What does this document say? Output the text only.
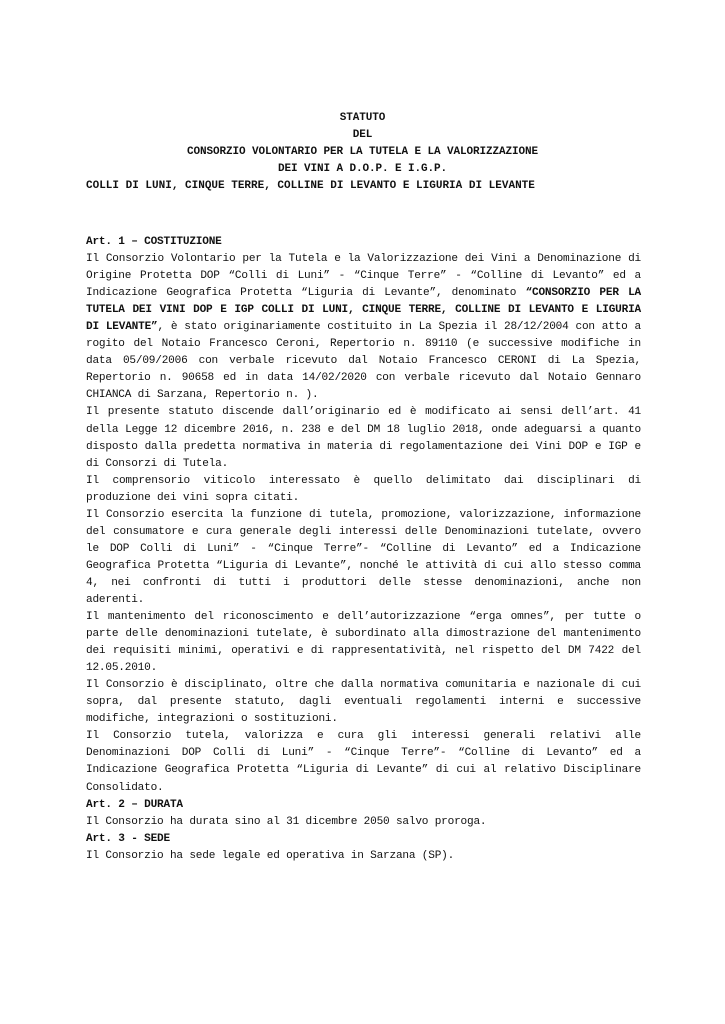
STATUTO
DEL
CONSORZIO VOLONTARIO PER LA TUTELA E LA VALORIZZAZIONE
DEI VINI A D.O.P. E I.G.P.
COLLI DI LUNI, CINQUE TERRE, COLLINE DI LEVANTO E LIGURIA DI LEVANTE
Art. 1 – COSTITUZIONE

Il Consorzio Volontario per la Tutela e la Valorizzazione dei Vini a Denominazione di Origine Protetta DOP “Colli di Luni” - “Cinque Terre” - “Colline di Levanto” ed a Indicazione Geografica Protetta “Liguria di Levante”, denominato “CONSORZIO PER LA TUTELA DEI VINI DOP E IGP COLLI DI LUNI, CINQUE TERRE, COLLINE DI LEVANTO E LIGURIA DI LEVANTE”, è stato originariamente costituito in La Spezia il 28/12/2004 con atto a rogito del Notaio Francesco Ceroni, Repertorio n. 89110 (e successive modifiche in data 05/09/2006 con verbale ricevuto dal Notaio Francesco CERONI di La Spezia, Repertorio n. 90658 ed in data 14/02/2020 con verbale ricevuto dal Notaio Gennaro CHIANCA di Sarzana, Repertorio n. ).

Il presente statuto discende dall’originario ed è modificato ai sensi dell’art. 41 della Legge 12 dicembre 2016, n. 238 e del DM 18 luglio 2018, onde adeguarsi a quanto disposto dalla predetta normativa in materia di regolamentazione dei Vini DOP e IGP e di Consorzi di Tutela.

Il comprensorio viticolo interessato è quello delimitato dai disciplinari di produzione dei vini sopra citati.

Il Consorzio esercita la funzione di tutela, promozione, valorizzazione, informazione del consumatore e cura generale degli interessi delle Denominazioni tutelate, ovvero le DOP Colli di Luni” - “Cinque Terre”- “Colline di Levanto” ed a Indicazione Geografica Protetta “Liguria di Levante”, nonché le attività di cui allo stesso comma 4, nei confronti di tutti i produttori delle stesse denominazioni, anche non aderenti.

Il mantenimento del riconoscimento e dell’autorizzazione “erga omnes”, per tutte o parte delle denominazioni tutelate, è subordinato alla dimostrazione del mantenimento dei requisiti minimi, operativi e di rappresentatività, nel rispetto del DM 7422 del 12.05.2010.

Il Consorzio è disciplinato, oltre che dalla normativa comunitaria e nazionale di cui sopra, dal presente statuto, dagli eventuali regolamenti interni e successive modifiche, integrazioni o sostituzioni.

Il Consorzio tutela, valorizza e cura gli interessi generali relativi alle Denominazioni DOP Colli di Luni” - “Cinque Terre”- “Colline di Levanto” ed a Indicazione Geografica Protetta “Liguria di Levante” di cui al relativo Disciplinare Consolidato.

Art. 2 – DURATA

Il Consorzio ha durata sino al 31 dicembre 2050 salvo proroga.

Art. 3 - SEDE

Il Consorzio ha sede legale ed operativa in Sarzana (SP).
